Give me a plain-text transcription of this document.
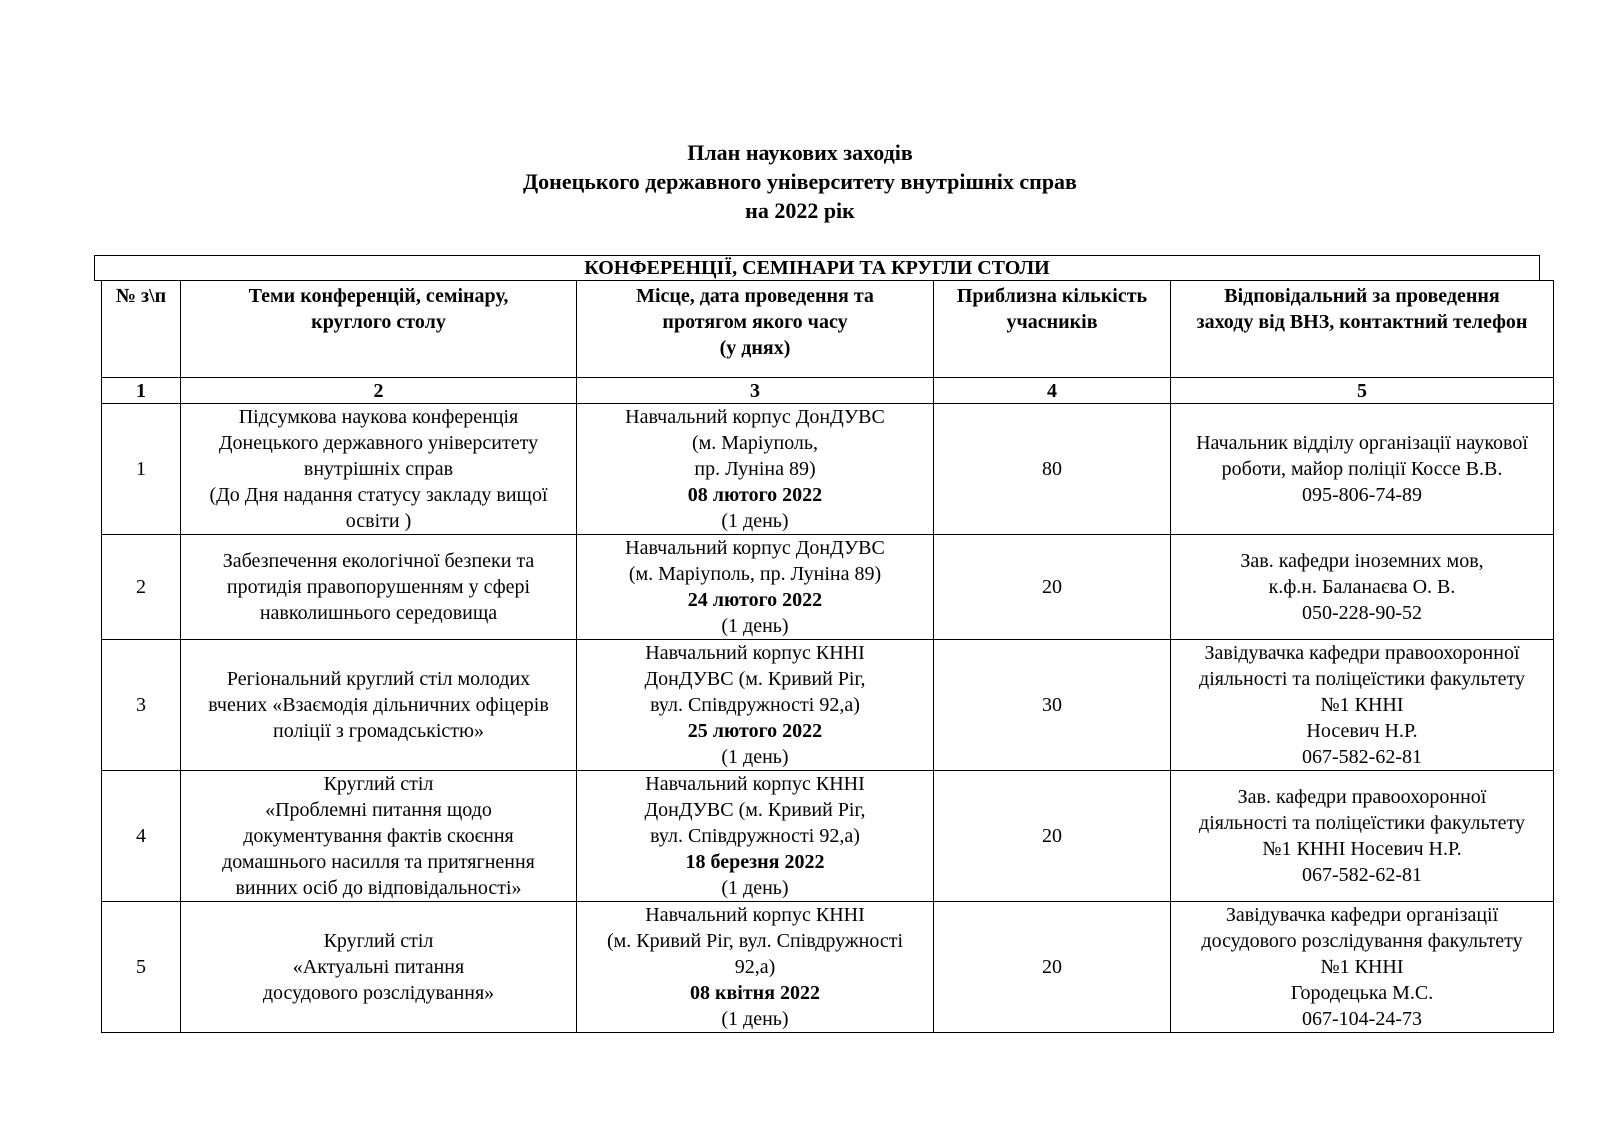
План наукових заходів
Донецького державного університету внутрішніх справ
на 2022 рік
КОНФЕРЕНЦІЇ, СЕМІНАРИ ТА КРУГЛИ СТОЛИ
№ з\п	Теми конференцій, семінару,
круглого столу	Місце, дата проведення та
протягом якого часу
(у днях)	Приблизна кількість
учасників	Відповідальний за проведення
заходу від ВНЗ, контактний телефон

1	2	3	4	5
1	Підсумкова наукова конференція
Донецького державного університету
внутрішніх справ
(До Дня надання статусу закладу вищої
освіти )	Навчальний корпус ДонДУВС
(м. Маріуполь,
пр. Луніна 89)
08 лютого 2022
(1 день)	80	Начальник відділу організації наукової
роботи, майор поліції Коссе В.В.
095-806-74-89

2	Забезпечення екологічної безпеки та
протидія правопорушенням у сфері
навколишнього середовища	Навчальний корпус ДонДУВС
(м. Маріуполь, пр. Луніна 89)
24 лютого 2022
(1 день)	20	Зав. кафедри іноземних мов,
к.ф.н. Баланаєва О. В.
050-228-90-52

3	Регіональний круглий стіл молодих
вчених «Взаємодія дільничних офіцерів
поліції з громадськістю»	Навчальний корпус КННІ
ДонДУВС (м. Кривий Ріг,
вул. Співдружності 92,а)
25 лютого 2022
(1 день)	30	Завідувачка кафедри правоохоронної
діяльності та поліцеїстики факультету
№1 КННІ
Носевич Н.Р.
067-582-62-81

4	Круглий стіл
«Проблемні питання щодо
документування фактів скоєння
домашнього насилля та притягнення
винних осіб до відповідальності»	Навчальний корпус КННІ
ДонДУВС (м. Кривий Ріг,
вул. Співдружності 92,а)
18 березня 2022
(1 день)	20	Зав. кафедри правоохоронної
діяльності та поліцеїстики факультету
№1 КННІ Носевич Н.Р.
067-582-62-81

5	Круглий стіл
«Актуальні питання
досудового розслідування»	Навчальний корпус КННІ
(м. Кривий Ріг, вул. Співдружності
92,а)
08 квітня 2022
(1 день)	20	Завідувачка кафедри організації
досудового розслідування факультету
№1 КННІ
Городецька М.С.
067-104-24-73
